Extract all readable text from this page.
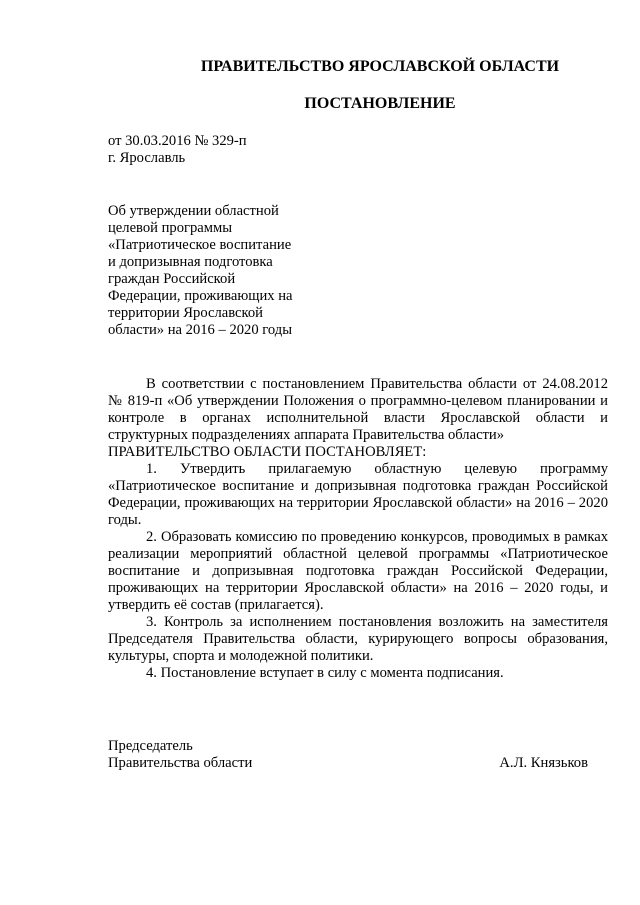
ПРАВИТЕЛЬСТВО ЯРОСЛАВСКОЙ ОБЛАСТИ
ПОСТАНОВЛЕНИЕ
от 30.03.2016 № 329-п
г. Ярославль
Об утверждении областной
целевой программы
«Патриотическое воспитание
и допризывная подготовка
граждан Российской
Федерации, проживающих на
территории Ярославской
области» на 2016 – 2020 годы

В соответствии с постановлением Правительства области от 24.08.2012 № 819-п «Об утверждении Положения о программно-целевом планировании и контроле в органах исполнительной власти Ярославской области и структурных подразделениях аппарата Правительства области»

ПРАВИТЕЛЬСТВО ОБЛАСТИ ПОСТАНОВЛЯЕТ:

1. Утвердить прилагаемую областную целевую программу «Патриотическое воспитание и допризывная подготовка граждан Российской Федерации, проживающих на территории Ярославской области» на 2016 – 2020 годы.

2. Образовать комиссию по проведению конкурсов, проводимых в рамках реализации мероприятий областной целевой программы «Патриотическое воспитание и допризывная подготовка граждан Российской Федерации, проживающих на территории Ярославской области» на 2016 – 2020 годы, и утвердить её состав (прилагается).

3. Контроль за исполнением постановления возложить на заместителя Председателя Правительства области, курирующего вопросы образования, культуры, спорта и молодежной политики.

4. Постановление вступает в силу с момента подписания.

Председатель
Правительства области	А.Л. Князьков
